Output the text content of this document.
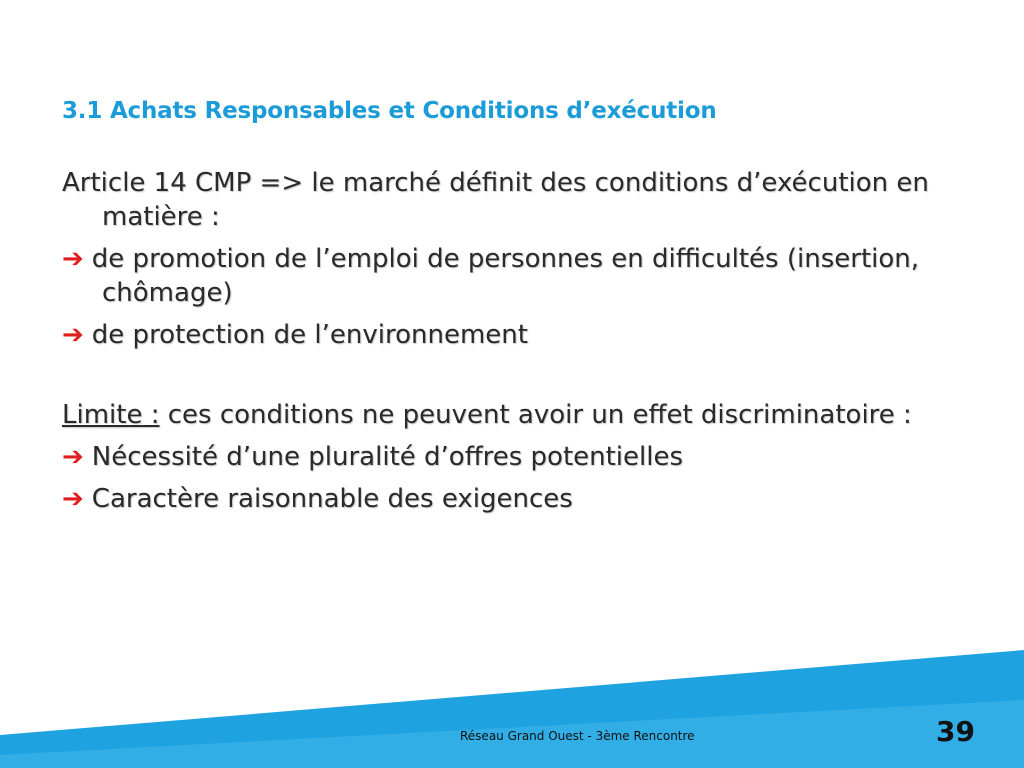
3.1 Achats Responsables et Conditions d’exécution

Article 14 CMP => le marché définit des conditions d’exécution en matière :

➔ de promotion de l’emploi de personnes en difficultés (insertion, chômage)

➔ de protection de l’environnement

Limite : ces conditions ne peuvent avoir un effet discriminatoire :

➔ Nécessité d’une pluralité d’offres potentielles

➔ Caractère raisonnable des exigences

Réseau Grand Ouest - 3ème Rencontre	39
